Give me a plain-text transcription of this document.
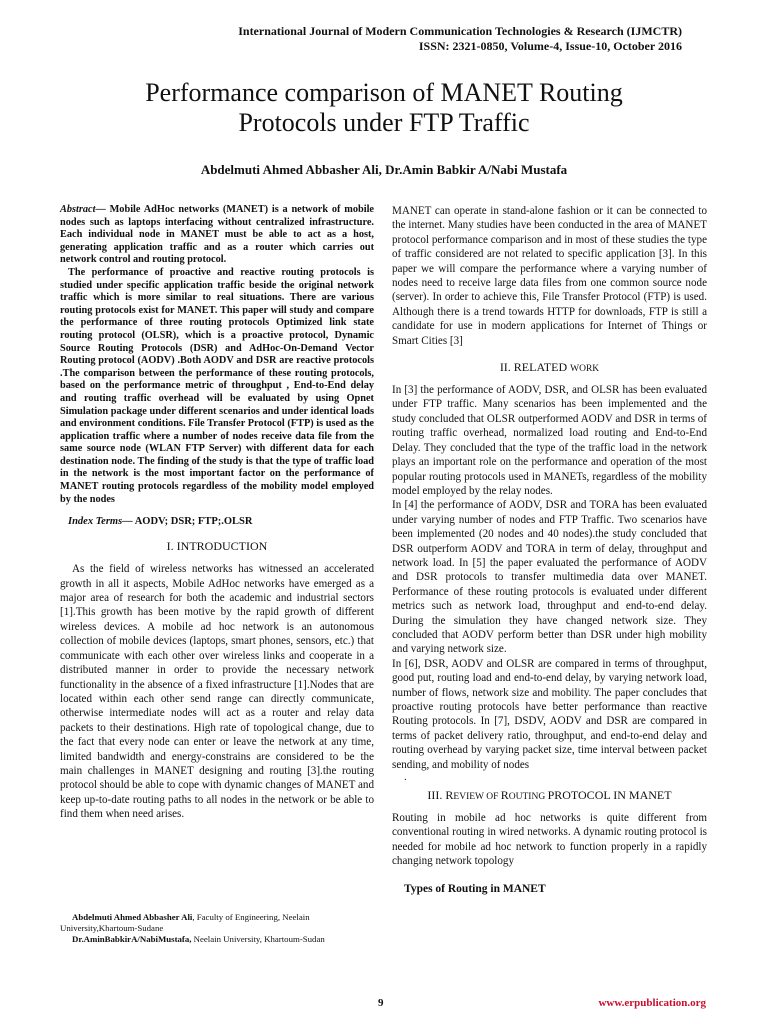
International Journal of Modern Communication Technologies & Research (IJMCTR)
ISSN: 2321-0850, Volume-4, Issue-10, October 2016
Performance comparison of MANET Routing
Protocols under FTP Traffic
Abdelmuti Ahmed Abbasher Ali, Dr.Amin Babkir A/Nabi Mustafa

Abstract— Mobile AdHoc networks (MANET) is a network of mobile nodes such as laptops interfacing without centralized infrastructure. Each individual node in MANET must be able to act as a host, generating application traffic and as a router which carries out network control and routing protocol.

The performance of proactive and reactive routing protocols is studied under specific application traffic beside the original network traffic which is more similar to real situations. There are various routing protocols exist for MANET. This paper will study and compare the performance of three routing protocols Optimized link state routing protocol (OLSR), which is a proactive protocol, Dynamic Source Routing Protocols (DSR) and AdHoc-On-Demand Vector Routing protocol (AODV) .Both AODV and DSR are reactive protocols .The comparison between the performance of these routing protocols, based on the performance metric of throughput , End-to-End delay and routing traffic overhead will be evaluated by using Opnet Simulation package under different scenarios and under identical loads and environment conditions. File Transfer Protocol (FTP) is used as the application traffic where a number of nodes receive data file from the same source node (WLAN FTP Server) with different data for each destination node. The finding of the study is that the type of traffic load in the network is the most important factor on the performance of MANET routing protocols regardless of the mobility model employed by the nodes

Index Terms— AODV; DSR; FTP;.OLSR

I. INTRODUCTION

As the field of wireless networks has witnessed an accelerated growth in all it aspects, Mobile AdHoc networks have emerged as a major area of research for both the academic and industrial sectors [1].This growth has been motive by the rapid growth of different wireless devices. A mobile ad hoc network is an autonomous collection of mobile devices (laptops, smart phones, sensors, etc.) that communicate with each other over wireless links and cooperate in a distributed manner in order to provide the necessary network functionality in the absence of a fixed infrastructure [1].Nodes that are located within each other send range can directly communicate, otherwise intermediate nodes will act as a router and relay data packets to their destinations. High rate of topological change, due to the fact that every node can enter or leave the network at any time, limited bandwidth and energy-constrains are considered to be the main challenges in MANET designing and routing [3].the routing protocol should be able to cope with dynamic changes of MANET and keep up-to-date routing paths to all nodes in the network or be able to find them when need arises.

Abdelmuti Ahmed Abbasher Ali, Faculty of Engineering, Neelain University,Khartoum-Sudane

Dr.AminBabkirA/NabiMustafa, Neelain University, Khartoum-Sudan

MANET can operate in stand-alone fashion or it can be connected to the internet. Many studies have been conducted in the area of MANET protocol performance comparison and in most of these studies the type of traffic considered are not related to specific application [3]. In this paper we will compare the performance where a varying number of nodes need to receive large data files from one common source node (server). In order to achieve this, File Transfer Protocol (FTP) is used. Although there is a trend towards HTTP for downloads, FTP is still a candidate for use in modern applications for Internet of Things or Smart Cities [3]

II. RELATED WORK

In [3] the performance of AODV, DSR, and OLSR has been evaluated under FTP traffic. Many scenarios has been implemented and the study concluded that OLSR outperformed AODV and DSR in terms of routing traffic overhead, normalized load routing and End-to-End Delay. They concluded that the type of the traffic load in the network plays an important role on the performance and operation of the most popular routing protocols used in MANETs, regardless of the mobility model employed by the relay nodes.

In [4] the performance of AODV, DSR and TORA has been evaluated under varying number of nodes and FTP Traffic. Two scenarios have been implemented (20 nodes and 40 nodes).the study concluded that DSR outperform AODV and TORA in term of delay, throughput and network load. In [5] the paper evaluated the performance of AODV and DSR protocols to transfer multimedia data over MANET. Performance of these routing protocols is evaluated under different metrics such as network load, throughput and end-to-end delay. During the simulation they have changed network size. They concluded that AODV perform better than DSR under high mobility and varying network size.

In [6], DSR, AODV and OLSR are compared in terms of throughput, good put, routing load and end-to-end delay, by varying network load, number of flows, network size and mobility. The paper concludes that proactive routing protocols have better performance than reactive Routing protocols. In [7], DSDV, AODV and DSR are compared in terms of packet delivery ratio, throughput, and end-to-end delay and routing overhead by varying packet size, time interval between packet sending, and mobility of nodes

.
III. REVIEW OF ROUTING PROTOCOL IN MANET

Routing in mobile ad hoc networks is quite different from conventional routing in wired networks. A dynamic routing protocol is needed for mobile ad hoc network to function properly in a rapidly changing network topology

Types of Routing in MANET
9	www.erpublication.org
